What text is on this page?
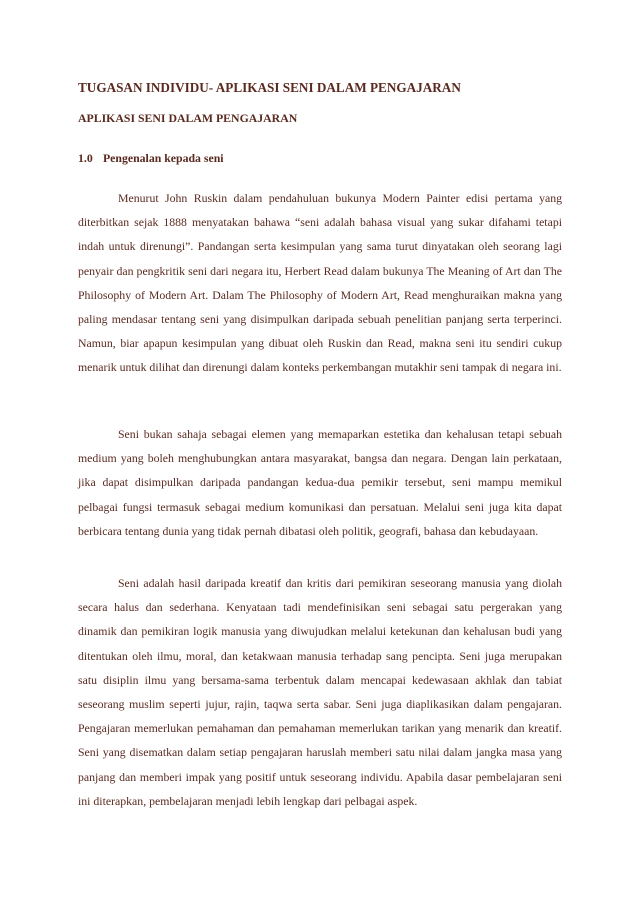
TUGASAN INDIVIDU- APLIKASI SENI DALAM PENGAJARAN
APLIKASI SENI DALAM PENGAJARAN
1.0 Pengenalan kepada seni

Menurut John Ruskin dalam pendahuluan bukunya Modern Painter edisi pertama yang diterbitkan sejak 1888 menyatakan bahawa “seni adalah bahasa visual yang sukar difahami tetapi indah untuk direnungi”. Pandangan serta kesimpulan yang sama turut dinyatakan oleh seorang lagi penyair dan pengkritik seni dari negara itu, Herbert Read dalam bukunya The Meaning of Art dan The Philosophy of Modern Art. Dalam The Philosophy of Modern Art, Read menghuraikan makna yang paling mendasar tentang seni yang disimpulkan daripada sebuah penelitian panjang serta terperinci. Namun, biar apapun kesimpulan yang dibuat oleh Ruskin dan Read, makna seni itu sendiri cukup menarik untuk dilihat dan direnungi dalam konteks perkembangan mutakhir seni tampak di negara ini.

Seni bukan sahaja sebagai elemen yang memaparkan estetika dan kehalusan tetapi sebuah medium yang boleh menghubungkan antara masyarakat, bangsa dan negara. Dengan lain perkataan, jika dapat disimpulkan daripada pandangan kedua-dua pemikir tersebut, seni mampu memikul pelbagai fungsi termasuk sebagai medium komunikasi dan persatuan. Melalui seni juga kita dapat berbicara tentang dunia yang tidak pernah dibatasi oleh politik, geografi, bahasa dan kebudayaan.

Seni adalah hasil daripada kreatif dan kritis dari pemikiran seseorang manusia yang diolah secara halus dan sederhana. Kenyataan tadi mendefinisikan seni sebagai satu pergerakan yang dinamik dan pemikiran logik manusia yang diwujudkan melalui ketekunan dan kehalusan budi yang ditentukan oleh ilmu, moral, dan ketakwaan manusia terhadap sang pencipta. Seni juga merupakan satu disiplin ilmu yang bersama-sama terbentuk dalam mencapai kedewasaan akhlak dan tabiat seseorang muslim seperti jujur, rajin, taqwa serta sabar. Seni juga diaplikasikan dalam pengajaran. Pengajaran memerlukan pemahaman dan pemahaman memerlukan tarikan yang menarik dan kreatif. Seni yang disematkan dalam setiap pengajaran haruslah memberi satu nilai dalam jangka masa yang panjang dan memberi impak yang positif untuk seseorang individu. Apabila dasar pembelajaran seni ini diterapkan, pembelajaran menjadi lebih lengkap dari pelbagai aspek.
